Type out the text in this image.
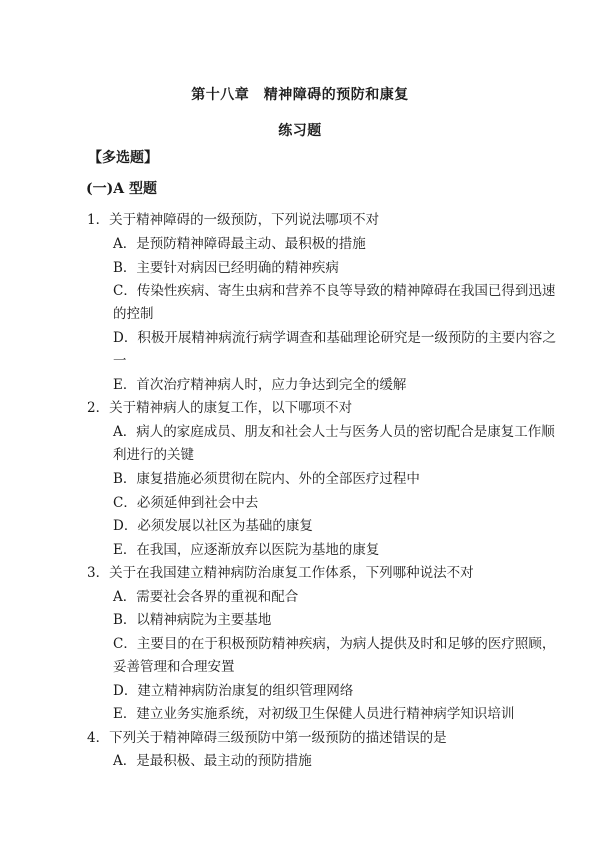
第十八章　精神障碍的预防和康复
练习题
【多选题】
(一)A 型题
1．关于精神障碍的一级预防，下列说法哪项不对
A．是预防精神障碍最主动、最积极的措施
B．主要针对病因已经明确的精神疾病
C．传染性疾病、寄生虫病和营养不良等导致的精神障碍在我国已得到迅速
的控制
D．积极开展精神病流行病学调查和基础理论研究是一级预防的主要内容之
一
E．首次治疗精神病人时，应力争达到完全的缓解
2．关于精神病人的康复工作，以下哪项不对
A．病人的家庭成员、朋友和社会人士与医务人员的密切配合是康复工作顺
利进行的关键
B．康复措施必须贯彻在院内、外的全部医疗过程中
C．必须延伸到社会中去
D．必须发展以社区为基础的康复
E．在我国，应逐渐放弃以医院为基地的康复
3．关于在我国建立精神病防治康复工作体系，下列哪种说法不对
A．需要社会各界的重视和配合
B．以精神病院为主要基地
C．主要目的在于积极预防精神疾病，为病人提供及时和足够的医疗照顾，
妥善管理和合理安置
D．建立精神病防治康复的组织管理网络
E．建立业务实施系统，对初级卫生保健人员进行精神病学知识培训
4．下列关于精神障碍三级预防中第一级预防的描述错误的是
A．是最积极、最主动的预防措施
